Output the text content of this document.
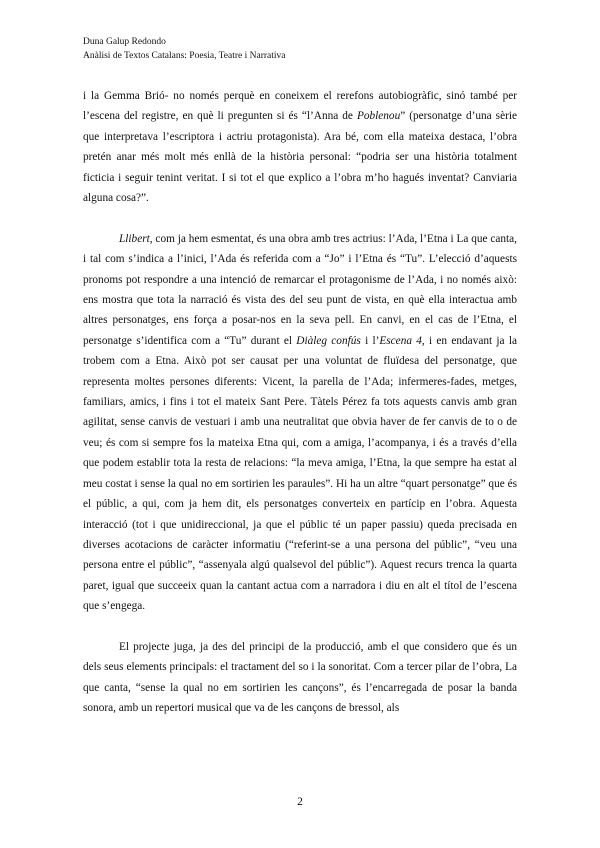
Duna Galup Redondo
Anàlisi de Textos Catalans: Poesia, Teatre i Narrativa

i la Gemma Brió- no només perquè en coneixem el rerefons autobiogràfic, sinó també per l’escena del registre, en què li pregunten si és “l’Anna de Poblenou” (personatge d’una sèrie que interpretava l’escriptora i actriu protagonista). Ara bé, com ella mateixa destaca, l’obra pretén anar més molt més enllà de la història personal: “podria ser una història totalment ficticia i seguir tenint veritat. I si tot el que explico a l’obra m’ho hagués inventat? Canviaria alguna cosa?”.

Llibert, com ja hem esmentat, és una obra amb tres actrius: l’Ada, l’Etna i La que canta, i tal com s’indica a l’inici, l’Ada és referida com a “Jo” i l’Etna és “Tu”. L’elecció d’aquests pronoms pot respondre a una intenció de remarcar el protagonisme de l’Ada, i no només això: ens mostra que tota la narració és vista des del seu punt de vista, en què ella interactua amb altres personatges, ens força a posar-nos en la seva pell. En canvi, en el cas de l’Etna, el personatge s’identifica com a “Tu” durant el Diàleg confús i l’Escena 4, i en endavant ja la trobem com a Etna. Això pot ser causat per una voluntat de fluïdesa del personatge, que representa moltes persones diferents: Vicent, la parella de l’Ada; infermeres-fades, metges, familiars, amics, i fins i tot el mateix Sant Pere. Tàtels Pérez fa tots aquests canvis amb gran agilitat, sense canvis de vestuari i amb una neutralitat que obvia haver de fer canvis de to o de veu; és com si sempre fos la mateixa Etna qui, com a amiga, l’acompanya, i és a través d’ella que podem establir tota la resta de relacions: “la meva amiga, l’Etna, la que sempre ha estat al meu costat i sense la qual no em sortirien les paraules”. Hi ha un altre “quart personatge” que és el públic, a qui, com ja hem dit, els personatges converteix en partícip en l’obra. Aquesta interacció (tot i que unidireccional, ja que el públic té un paper passiu) queda precisada en diverses acotacions de caràcter informatiu (“referint-se a una persona del públic”, “veu una persona entre el públic”, “assenyala algú qualsevol del públic”). Aquest recurs trenca la quarta paret, igual que succeeix quan la cantant actua com a narradora i diu en alt el títol de l’escena que s’engega.

El projecte juga, ja des del principi de la producció, amb el que considero que és un dels seus elements principals: el tractament del so i la sonoritat. Com a tercer pilar de l’obra, La que canta, “sense la qual no em sortirien les cançons”, és l’encarregada de posar la banda sonora, amb un repertori musical que va de les cançons de bressol, als

2
